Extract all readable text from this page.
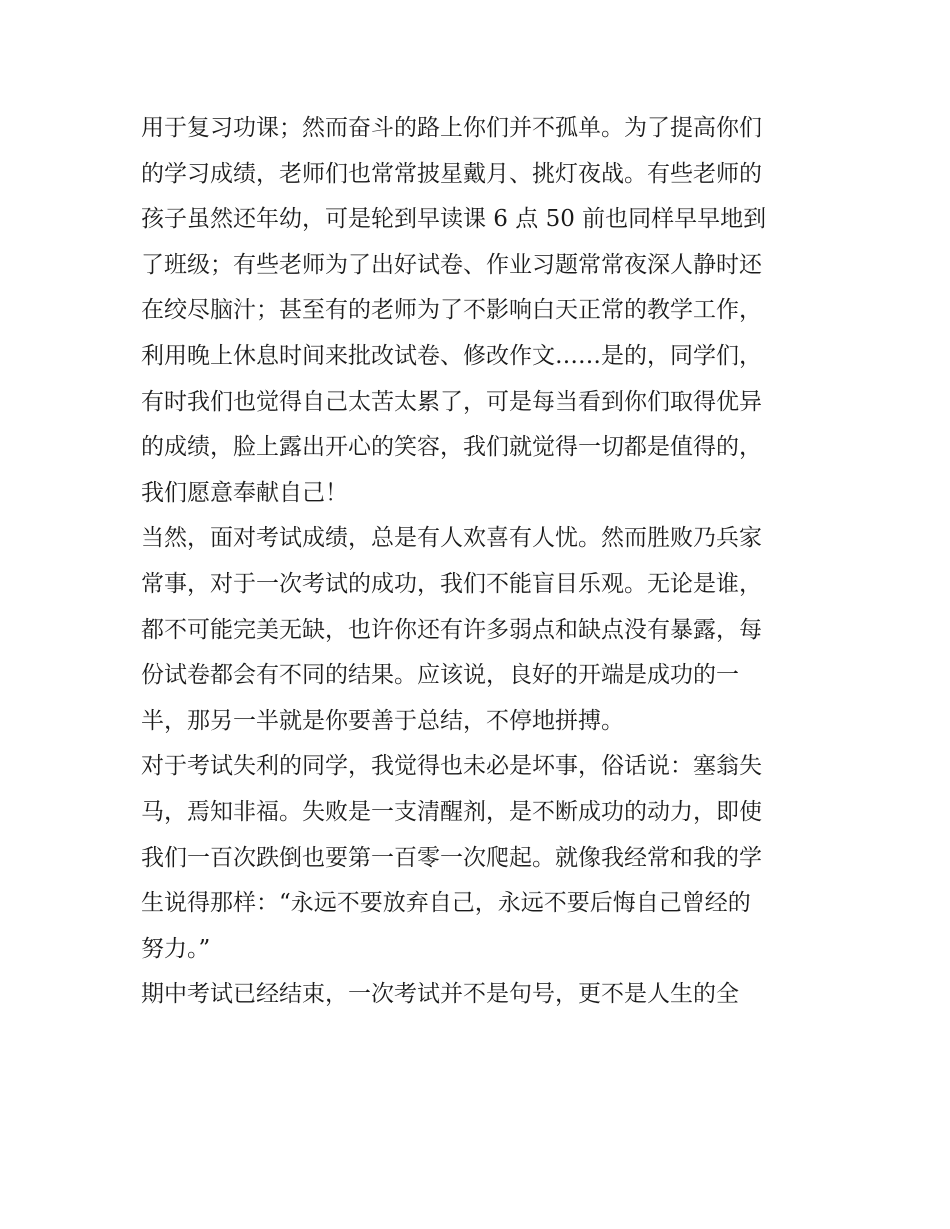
用于复习功课；然而奋斗的路上你们并不孤单。为了提高你们
的学习成绩，老师们也常常披星戴月、挑灯夜战。有些老师的
孩子虽然还年幼，可是轮到早读课 6 点 50 前也同样早早地到
了班级；有些老师为了出好试卷、作业习题常常夜深人静时还
在绞尽脑汁；甚至有的老师为了不影响白天正常的教学工作，
利用晚上休息时间来批改试卷、修改作文……是的，同学们，
有时我们也觉得自己太苦太累了，可是每当看到你们取得优异
的成绩，脸上露出开心的笑容，我们就觉得一切都是值得的，
我们愿意奉献自己！
当然，面对考试成绩，总是有人欢喜有人忧。然而胜败乃兵家
常事，对于一次考试的成功，我们不能盲目乐观。无论是谁，
都不可能完美无缺，也许你还有许多弱点和缺点没有暴露，每
份试卷都会有不同的结果。应该说，良好的开端是成功的一
半，那另一半就是你要善于总结，不停地拼搏。
对于考试失利的同学，我觉得也未必是坏事，俗话说：塞翁失
马，焉知非福。失败是一支清醒剂，是不断成功的动力，即使
我们一百次跌倒也要第一百零一次爬起。就像我经常和我的学
生说得那样：“永远不要放弃自己，永远不要后悔自己曾经的
努力。”
期中考试已经结束，一次考试并不是句号，更不是人生的全
